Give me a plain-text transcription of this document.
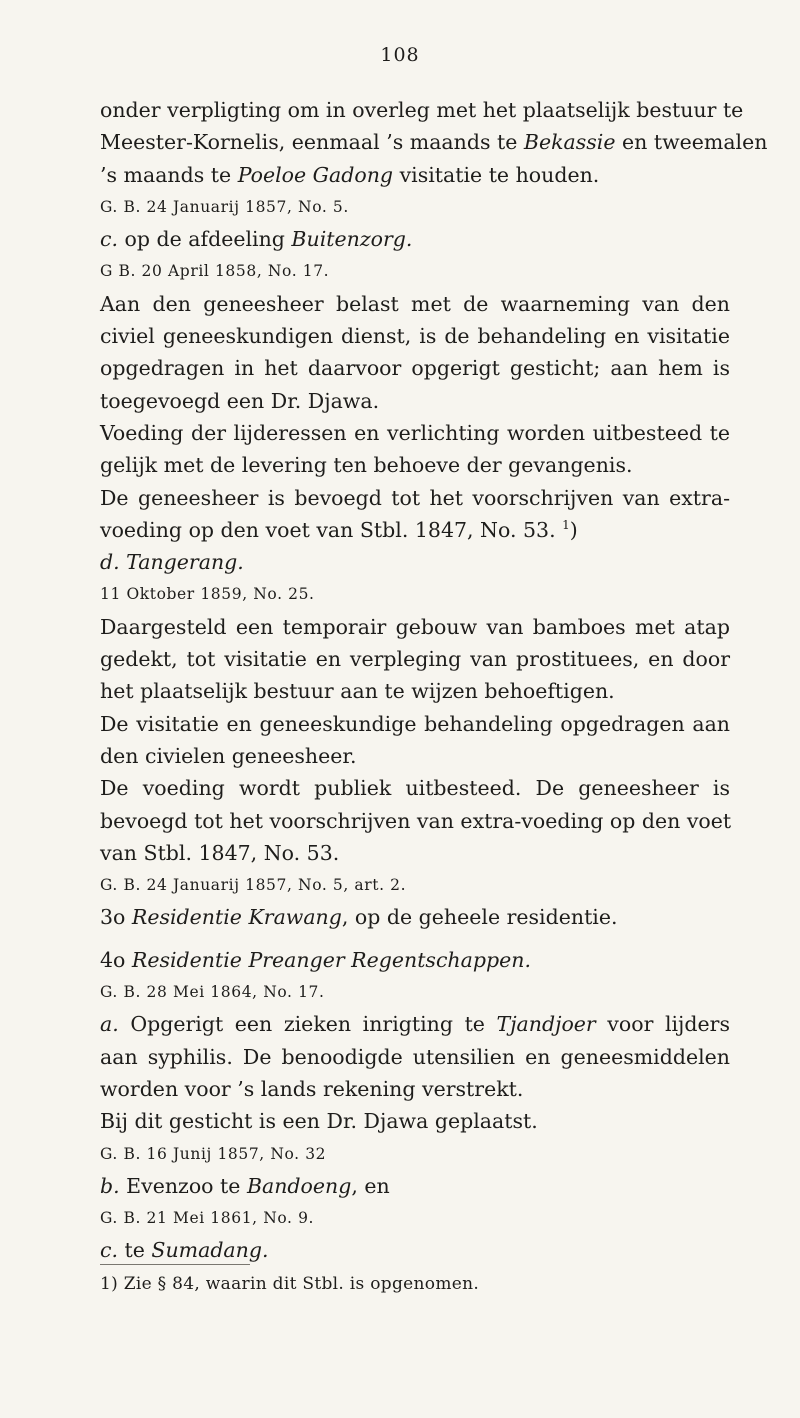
108
onder verpligting om in overleg met het plaatselijk bestuur te
Meester-Kornelis, eenmaal ’s maands te Bekassie en tweemalen
’s maands te Poeloe Gadong visitatie te houden.
G. B. 24 Januarij 1857, No. 5.
c. op de afdeeling Buitenzorg.
G B. 20 April 1858, No. 17.
Aan den geneesheer belast met de waarneming van den
civiel geneeskundigen dienst, is de behandeling en visitatie
opgedragen in het daarvoor opgerigt gesticht; aan hem is
toegevoegd een Dr. Djawa.
Voeding der lijderessen en verlichting worden uitbesteed te
gelijk met de levering ten behoeve der gevangenis.
De geneesheer is bevoegd tot het voorschrijven van extra-
voeding op den voet van Stbl. 1847, No. 53. $^1$)
d. Tangerang.
11 Oktober 1859, No. 25.
Daargesteld een temporair gebouw van bamboes met atap
gedekt, tot visitatie en verpleging van prostituees, en door
het plaatselijk bestuur aan te wijzen behoeftigen.
De visitatie en geneeskundige behandeling opgedragen aan
den civielen geneesheer.
De voeding wordt publiek uitbesteed. De geneesheer is
bevoegd tot het voorschrijven van extra-voeding op den voet
van Stbl. 1847, No. 53.
G. B. 24 Januarij 1857, No. 5, art. 2.
3o Residentie Krawang, op de geheele residentie.
4o Residentie Preanger Regentschappen.
G. B. 28 Mei 1864, No. 17.
a. Opgerigt een zieken inrigting te Tjandjoer voor lijders
aan syphilis. De benoodigde utensilien en geneesmiddelen
worden voor ’s lands rekening verstrekt.
Bij dit gesticht is een Dr. Djawa geplaatst.
G. B. 16 Junij 1857, No. 32
b. Evenzoo te Bandoeng, en
G. B. 21 Mei 1861, No. 9.
c. te Sumadang.
1) Zie § 84, waarin dit Stbl. is opgenomen.
